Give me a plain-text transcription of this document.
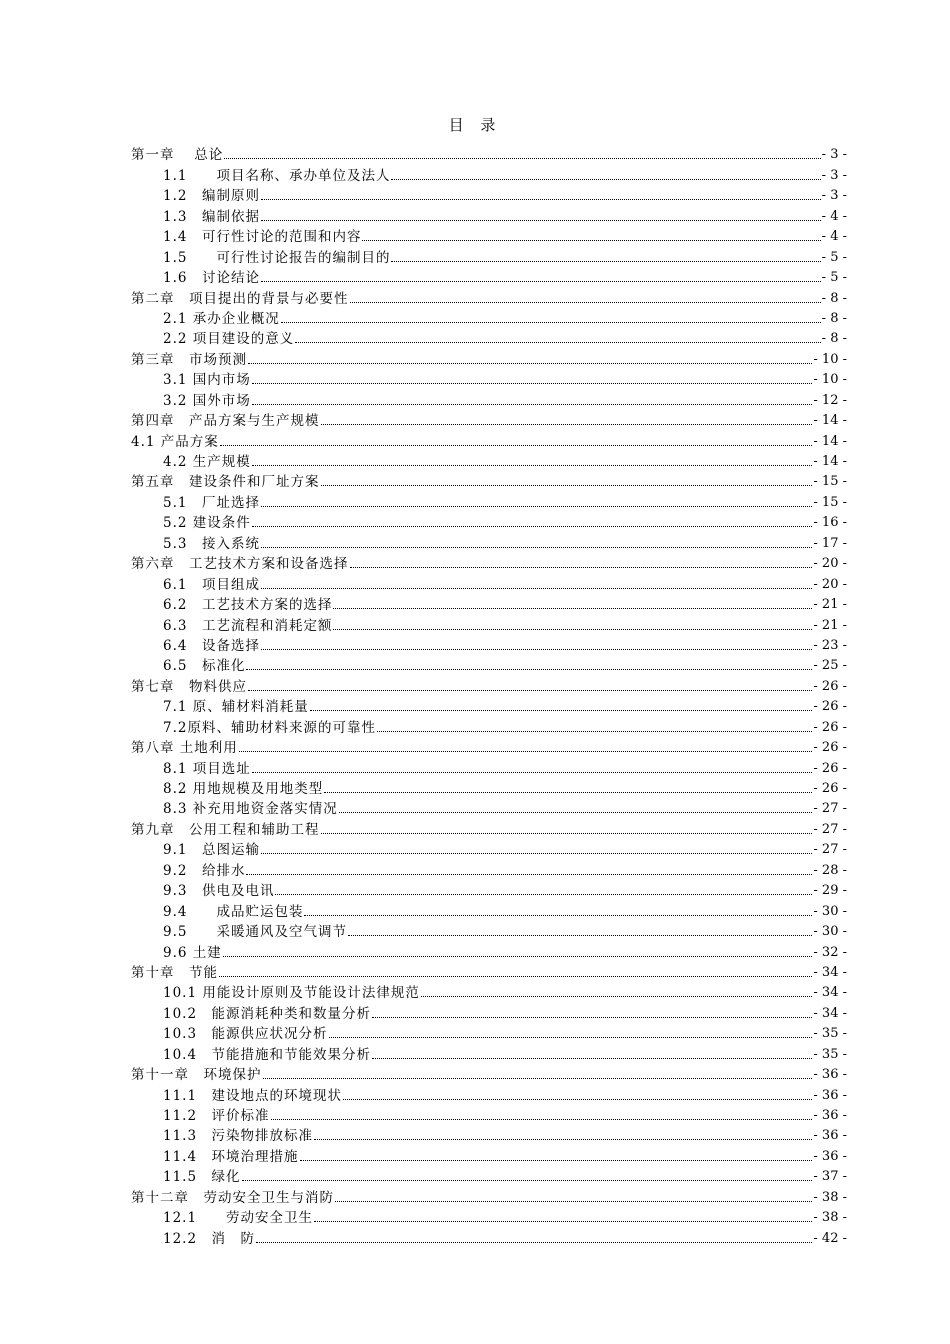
目 录
第一章　 总论	- 3 -
1.1　　项目名称、承办单位及法人	- 3 -
1.2　编制原则	- 3 -
1.3　编制依据	- 4 -
1.4　可行性讨论的范围和内容	- 4 -
1.5　　可行性讨论报告的编制目的	- 5 -
1.6　讨论结论	- 5 -
第二章　项目提出的背景与必要性	- 8 -
2.1 承办企业概况	- 8 -
2.2 项目建设的意义	- 8 -
第三章　市场预测	- 10 -
3.1 国内市场	- 10 -
3.2 国外市场	- 12 -
第四章　产品方案与生产规模	- 14 -
4.1 产品方案	- 14 -
4.2 生产规模	- 14 -
第五章　建设条件和厂址方案	- 15 -
5.1　厂址选择	- 15 -
5.2 建设条件	- 16 -
5.3　接入系统	- 17 -
第六章　工艺技术方案和设备选择	- 20 -
6.1　项目组成	- 20 -
6.2　工艺技术方案的选择	- 21 -
6.3　工艺流程和消耗定额	- 21 -
6.4　设备选择	- 23 -
6.5　标准化	- 25 -
第七章　物料供应	- 26 -
7.1 原、辅材料消耗量	- 26 -
7.2原料、辅助材料来源的可靠性	- 26 -
第八章 土地利用	- 26 -
8.1 项目选址	- 26 -
8.2 用地规模及用地类型	- 26 -
8.3 补充用地资金落实情况	- 27 -
第九章　公用工程和辅助工程	- 27 -
9.1　总图运输	- 27 -
9.2　给排水	- 28 -
9.3　供电及电讯	- 29 -
9.4　　成品贮运包装	- 30 -
9.5　　采暖通风及空气调节	- 30 -
9.6 土建	- 32 -
第十章　节能	- 34 -
10.1 用能设计原则及节能设计法律规范	- 34 -
10.2　能源消耗种类和数量分析	- 34 -
10.3　能源供应状况分析	- 35 -
10.4　节能措施和节能效果分析	- 35 -
第十一章　环境保护	- 36 -
11.1　建设地点的环境现状	- 36 -
11.2　评价标准	- 36 -
11.3　污染物排放标准	- 36 -
11.4　环境治理措施	- 36 -
11.5　绿化	- 37 -
第十二章　劳动安全卫生与消防	- 38 -
12.1　　劳动安全卫生	- 38 -
12.2　消　防	- 42 -
